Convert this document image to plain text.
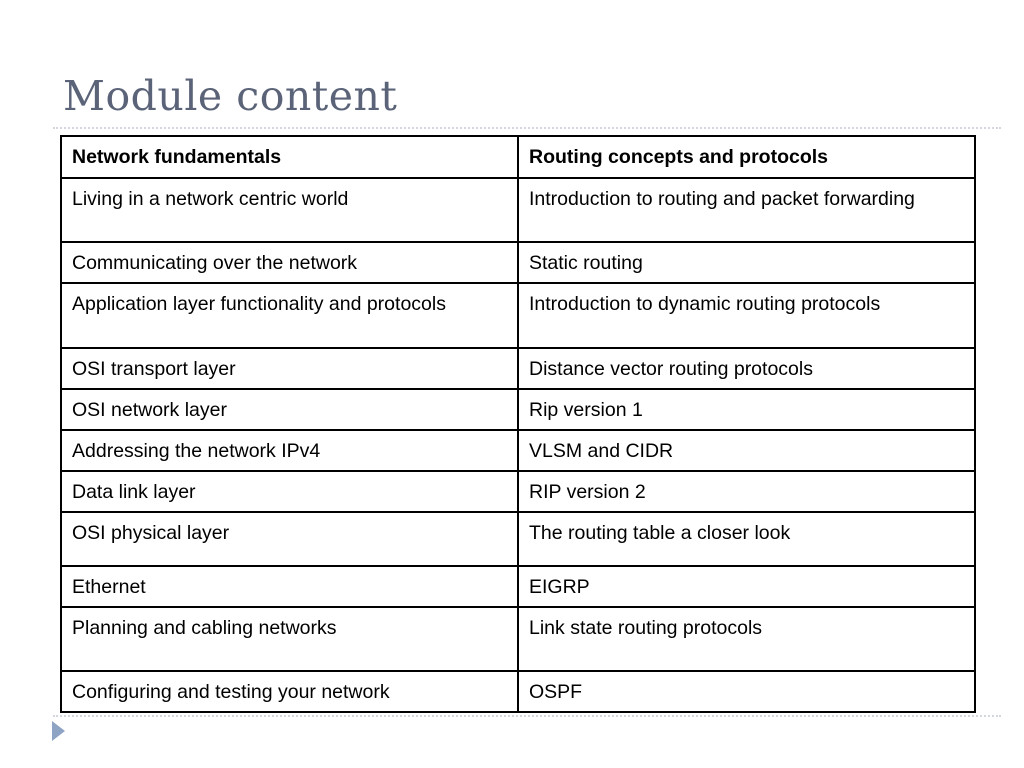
Module content
Network fundamentals	Routing concepts and protocols
Living in a network centric world	Introduction to routing and packet forwarding
Communicating over the network	Static routing
Application layer functionality and protocols	Introduction to dynamic routing protocols
OSI transport layer	Distance vector routing protocols
OSI network layer	Rip version 1
Addressing the network IPv4	VLSM and CIDR
Data link layer	RIP version 2
OSI physical layer	The routing table a closer look
Ethernet	EIGRP
Planning and cabling networks	Link state routing protocols
Configuring and testing your network	OSPF
